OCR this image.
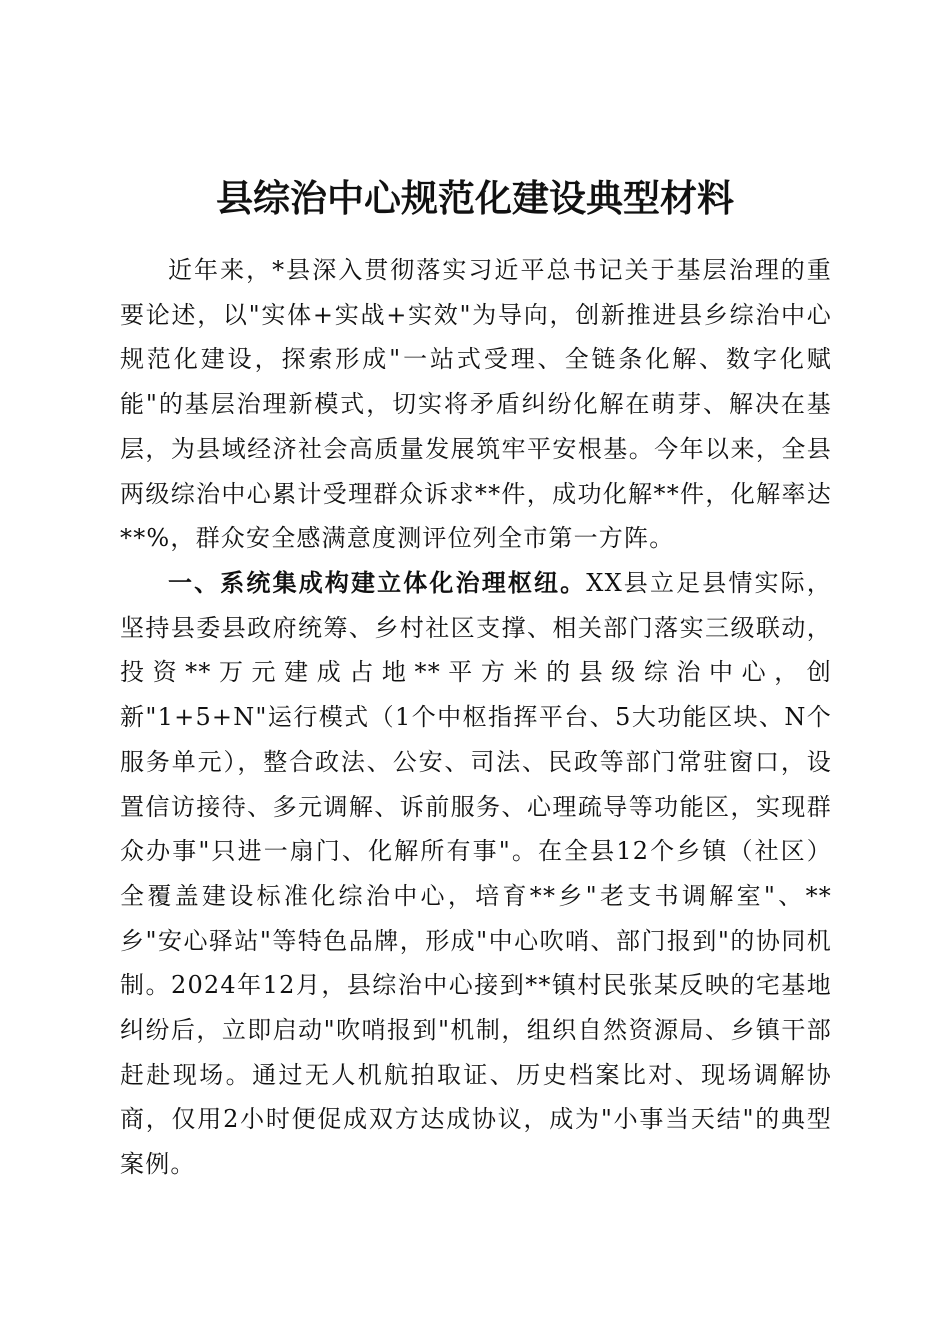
县综治中心规范化建设典型材料

近年来，*县深入贯彻落实习近平总书记关于基层治理的重要论述，以"实体+实战+实效"为导向，创新推进县乡综治中心规范化建设，探索形成"一站式受理、全链条化解、数字化赋能"的基层治理新模式，切实将矛盾纠纷化解在萌芽、解决在基层，为县域经济社会高质量发展筑牢平安根基。今年以来，全县两级综治中心累计受理群众诉求**件，成功化解**件，化解率达**%，群众安全感满意度测评位列全市第一方阵。

一、系统集成构建立体化治理枢纽。XX县立足县情实际，坚持县委县政府统筹、乡村社区支撑、相关部门落实三级联动，投资**万元建成占地**平方米的县级综治中心，创新"1+5+N"运行模式（1个中枢指挥平台、5大功能区块、N个服务单元），整合政法、公安、司法、民政等部门常驻窗口，设置信访接待、多元调解、诉前服务、心理疏导等功能区，实现群众办事"只进一扇门、化解所有事"。在全县12个乡镇（社区）全覆盖建设标准化综治中心，培育**乡"老支书调解室"、**乡"安心驿站"等特色品牌，形成"中心吹哨、部门报到"的协同机制。2024年12月，县综治中心接到**镇村民张某反映的宅基地纠纷后，立即启动"吹哨报到"机制，组织自然资源局、乡镇干部赶赴现场。通过无人机航拍取证、历史档案比对、现场调解协商，仅用2小时便促成双方达成协议，成为"小事当天结"的典型案例。
